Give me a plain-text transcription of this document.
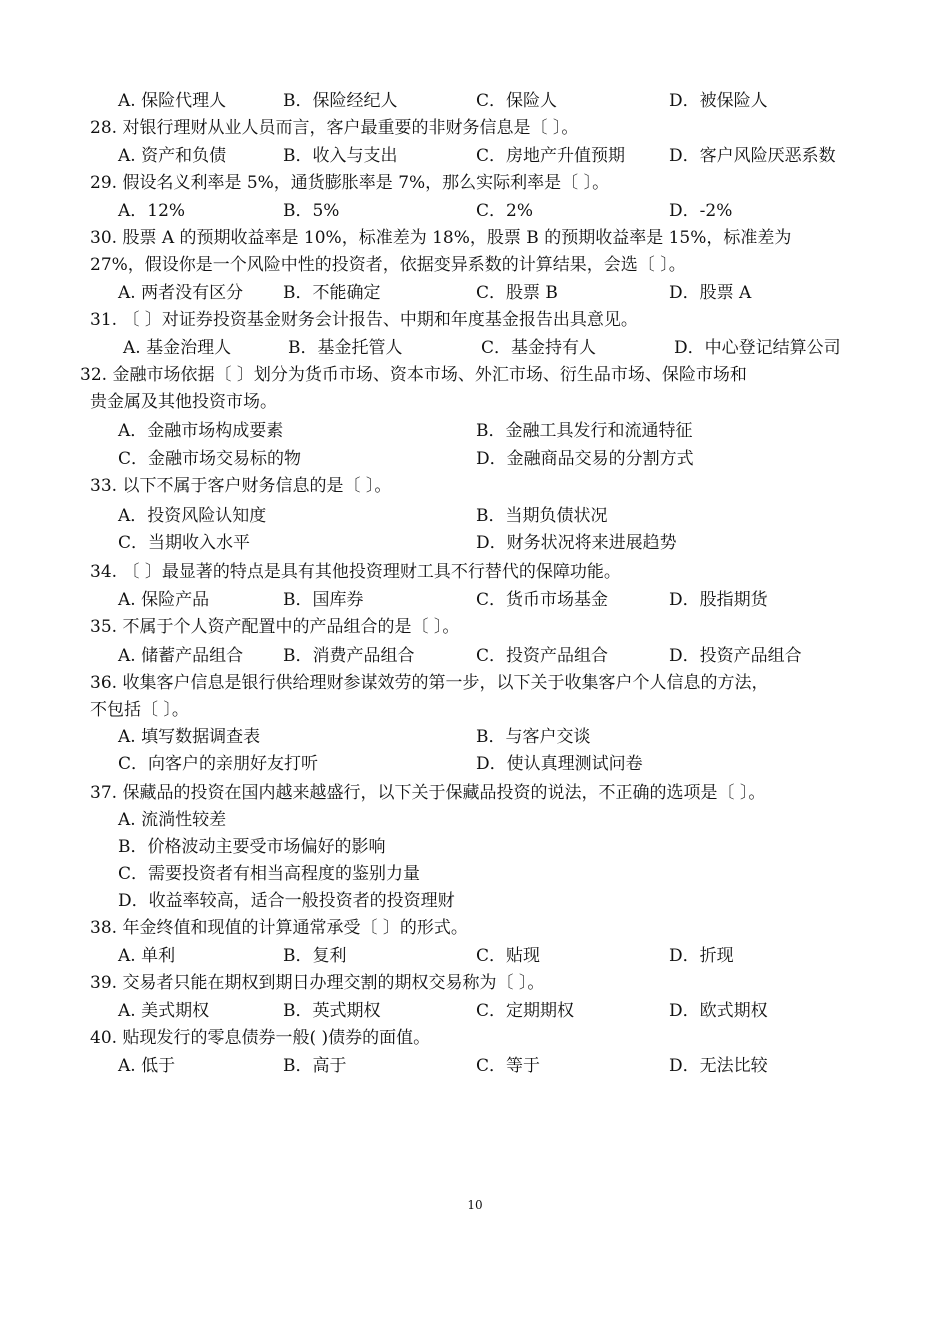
A. 保险代理人	B．保险经纪人	C．保险人	D．被保险人
28. 对银行理财从业人员而言，客户最重要的非财务信息是〔 〕。
A. 资产和负债	B．收入与支出	C．房地产升值预期	D．客户风险厌恶系数
29. 假设名义利率是 5%，通货膨胀率是 7%，那么实际利率是〔 〕。
A．12%	B．5%	C．2%	D．-2%
30. 股票 A 的预期收益率是 10%，标准差为 18%，股票 B 的预期收益率是 15%，标准差为
27%，假设你是一个风险中性的投资者，依据变异系数的计算结果，会选〔 〕。
A. 两者没有区分 B．不能确定	C．股票 B	D．股票 A
31. 〔 〕对证券投资基金财务会计报告、中期和年度基金报告出具意见。
A. 基金治理人	B．基金托管人	C．基金持有人	D．中心登记结算公司
32. 金融市场依据〔 〕划分为货币市场、资本市场、外汇市场、衍生品市场、保险市场和
贵金属及其他投资市场。
A．金融市场构成要素	B．金融工具发行和流通特征
C．金融市场交易标的物	D．金融商品交易的分割方式
33. 以下不属于客户财务信息的是〔 〕。
A．投资风险认知度	B．当期负债状况
C．当期收入水平	D．财务状况将来进展趋势
34. 〔 〕最显著的特点是具有其他投资理财工具不行替代的保障功能。
A. 保险产品	B．国库券	C．货币市场基金	D．股指期货
35. 不属于个人资产配置中的产品组合的是〔 〕。
A. 储蓄产品组合 B．消费产品组合	C．投资产品组合	D．投资产品组合
36. 收集客户信息是银行供给理财参谋效劳的第一步，以下关于收集客户个人信息的方法，
不包括〔 〕。
A. 填写数据调查表	B．与客户交谈
C．向客户的亲朋好友打听	D．使认真理测试问卷
37. 保藏品的投资在国内越来越盛行，以下关于保藏品投资的说法，不正确的选项是〔 〕。
A. 流淌性较差
B．价格波动主要受市场偏好的影响
C．需要投资者有相当高程度的鉴别力量
D．收益率较高，适合一般投资者的投资理财
38. 年金终值和现值的计算通常承受〔 〕的形式。
A. 单利	B．复利	C．贴现	D．折现
39. 交易者只能在期权到期日办理交割的期权交易称为〔 〕。
A. 美式期权	B．英式期权	C．定期期权	D．欧式期权
40. 贴现发行的零息债券一般( )债券的面值。
A. 低于	B．高于	C．等于	D．无法比较
10
